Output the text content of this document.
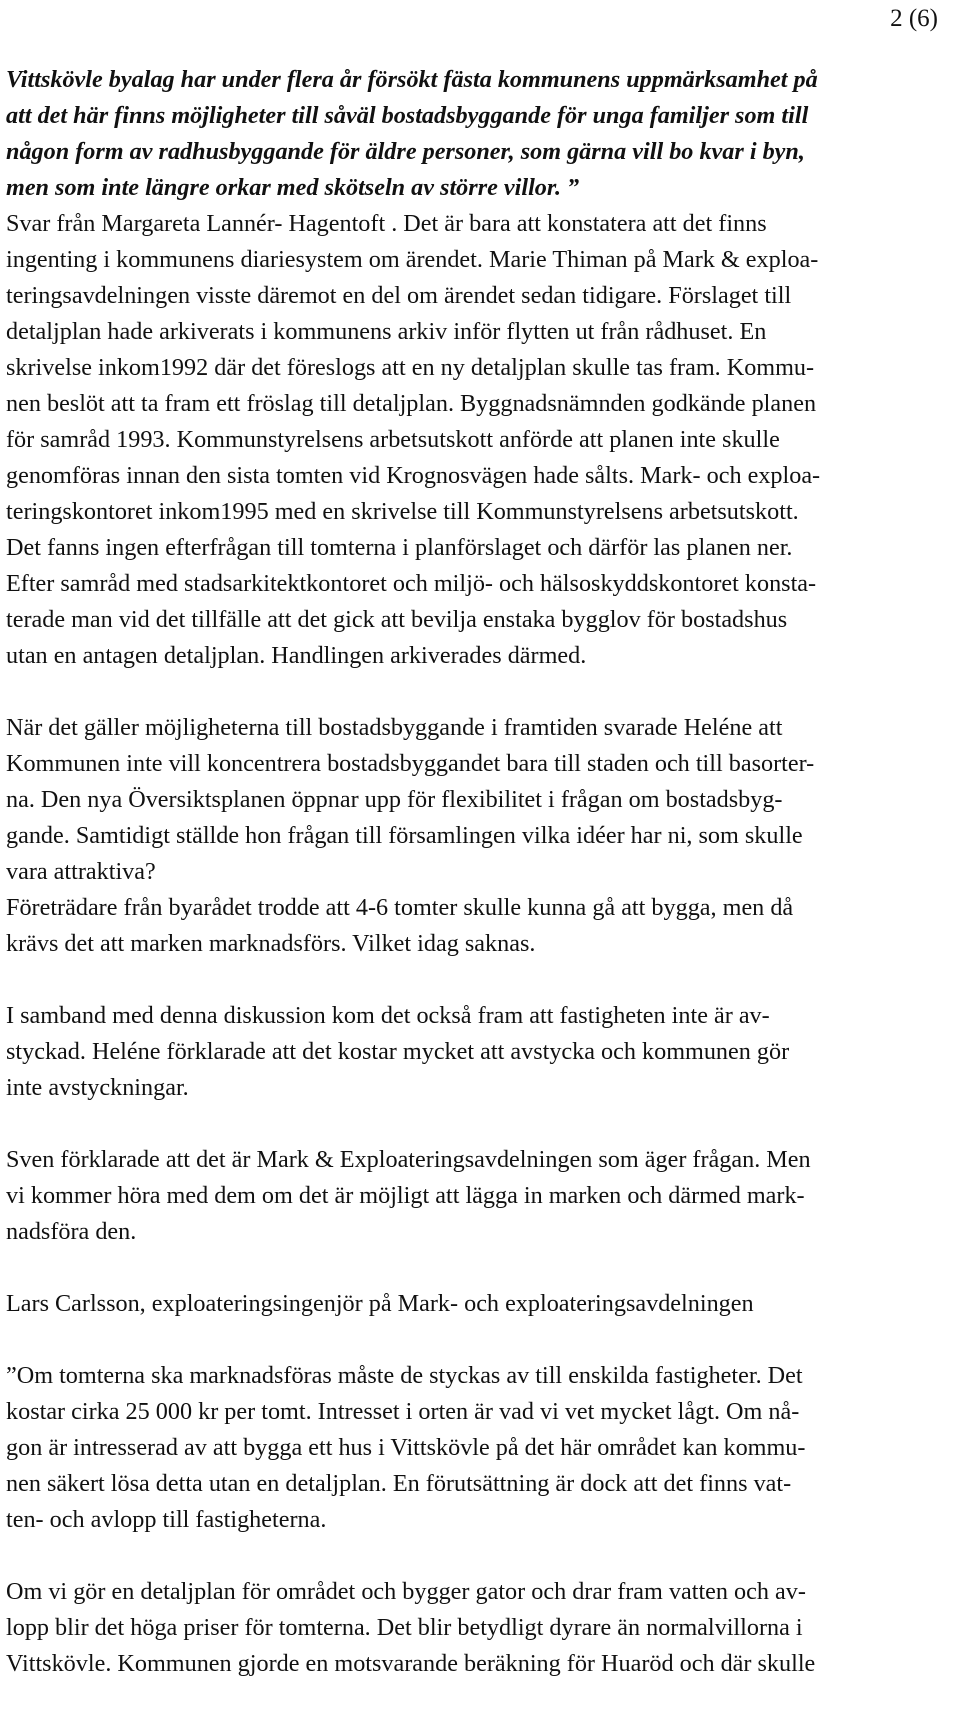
2 (6)
Vittskövle byalag har under flera år försökt fästa kommunens uppmärksamhet på
att det här finns möjligheter till såväl bostadsbyggande för unga familjer som till
någon form av radhusbyggande för äldre personer, som gärna vill bo kvar i byn,
men som inte längre orkar med skötseln av större villor. ”
Svar från Margareta Lannér- Hagentoft . Det är bara att konstatera att det finns
ingenting i kommunens diariesystem om ärendet. Marie Thiman på Mark & exploa-
teringsavdelningen visste däremot en del om ärendet sedan tidigare. Förslaget till
detaljplan hade arkiverats i kommunens arkiv inför flytten ut från rådhuset. En
skrivelse inkom1992 där det föreslogs att en ny detaljplan skulle tas fram. Kommu-
nen beslöt att ta fram ett fröslag till detaljplan. Byggnadsnämnden godkände planen
för samråd 1993. Kommunstyrelsens arbetsutskott anförde att planen inte skulle
genomföras innan den sista tomten vid Krognosvägen hade sålts. Mark- och exploa-
teringskontoret inkom1995 med en skrivelse till Kommunstyrelsens arbetsutskott.
Det fanns ingen efterfrågan till tomterna i planförslaget och därför las planen ner.
Efter samråd med stadsarkitektkontoret och miljö- och hälsoskyddskontoret konsta-
terade man vid det tillfälle att det gick att bevilja enstaka bygglov för bostadshus
utan en antagen detaljplan. Handlingen arkiverades därmed.
När det gäller möjligheterna till bostadsbyggande i framtiden svarade Heléne att
Kommunen inte vill koncentrera bostadsbyggandet bara till staden och till basorter-
na. Den nya Översiktsplanen öppnar upp för flexibilitet i frågan om bostadsbyg-
gande. Samtidigt ställde hon frågan till församlingen vilka idéer har ni, som skulle
vara attraktiva?
Företrädare från byarådet trodde att 4-6 tomter skulle kunna gå att bygga, men då
krävs det att marken marknadsförs. Vilket idag saknas.
I samband med denna diskussion kom det också fram att fastigheten inte är av-
styckad. Heléne förklarade att det kostar mycket att avstycka och kommunen gör
inte avstyckningar.
Sven förklarade att det är Mark & Exploateringsavdelningen som äger frågan. Men
vi kommer höra med dem om det är möjligt att lägga in marken och därmed mark-
nadsföra den.
Lars Carlsson, exploateringsingenjör på Mark- och exploateringsavdelningen
”Om tomterna ska marknadsföras måste de styckas av till enskilda fastigheter. Det
kostar cirka 25 000 kr per tomt. Intresset i orten är vad vi vet mycket lågt. Om nå-
gon är intresserad av att bygga ett hus i Vittskövle på det här området kan kommu-
nen säkert lösa detta utan en detaljplan. En förutsättning är dock att det finns vat-
ten- och avlopp till fastigheterna.
Om vi gör en detaljplan för området och bygger gator och drar fram vatten och av-
lopp blir det höga priser för tomterna. Det blir betydligt dyrare än normalvillorna i
Vittskövle. Kommunen gjorde en motsvarande beräkning för Huaröd och där skulle
